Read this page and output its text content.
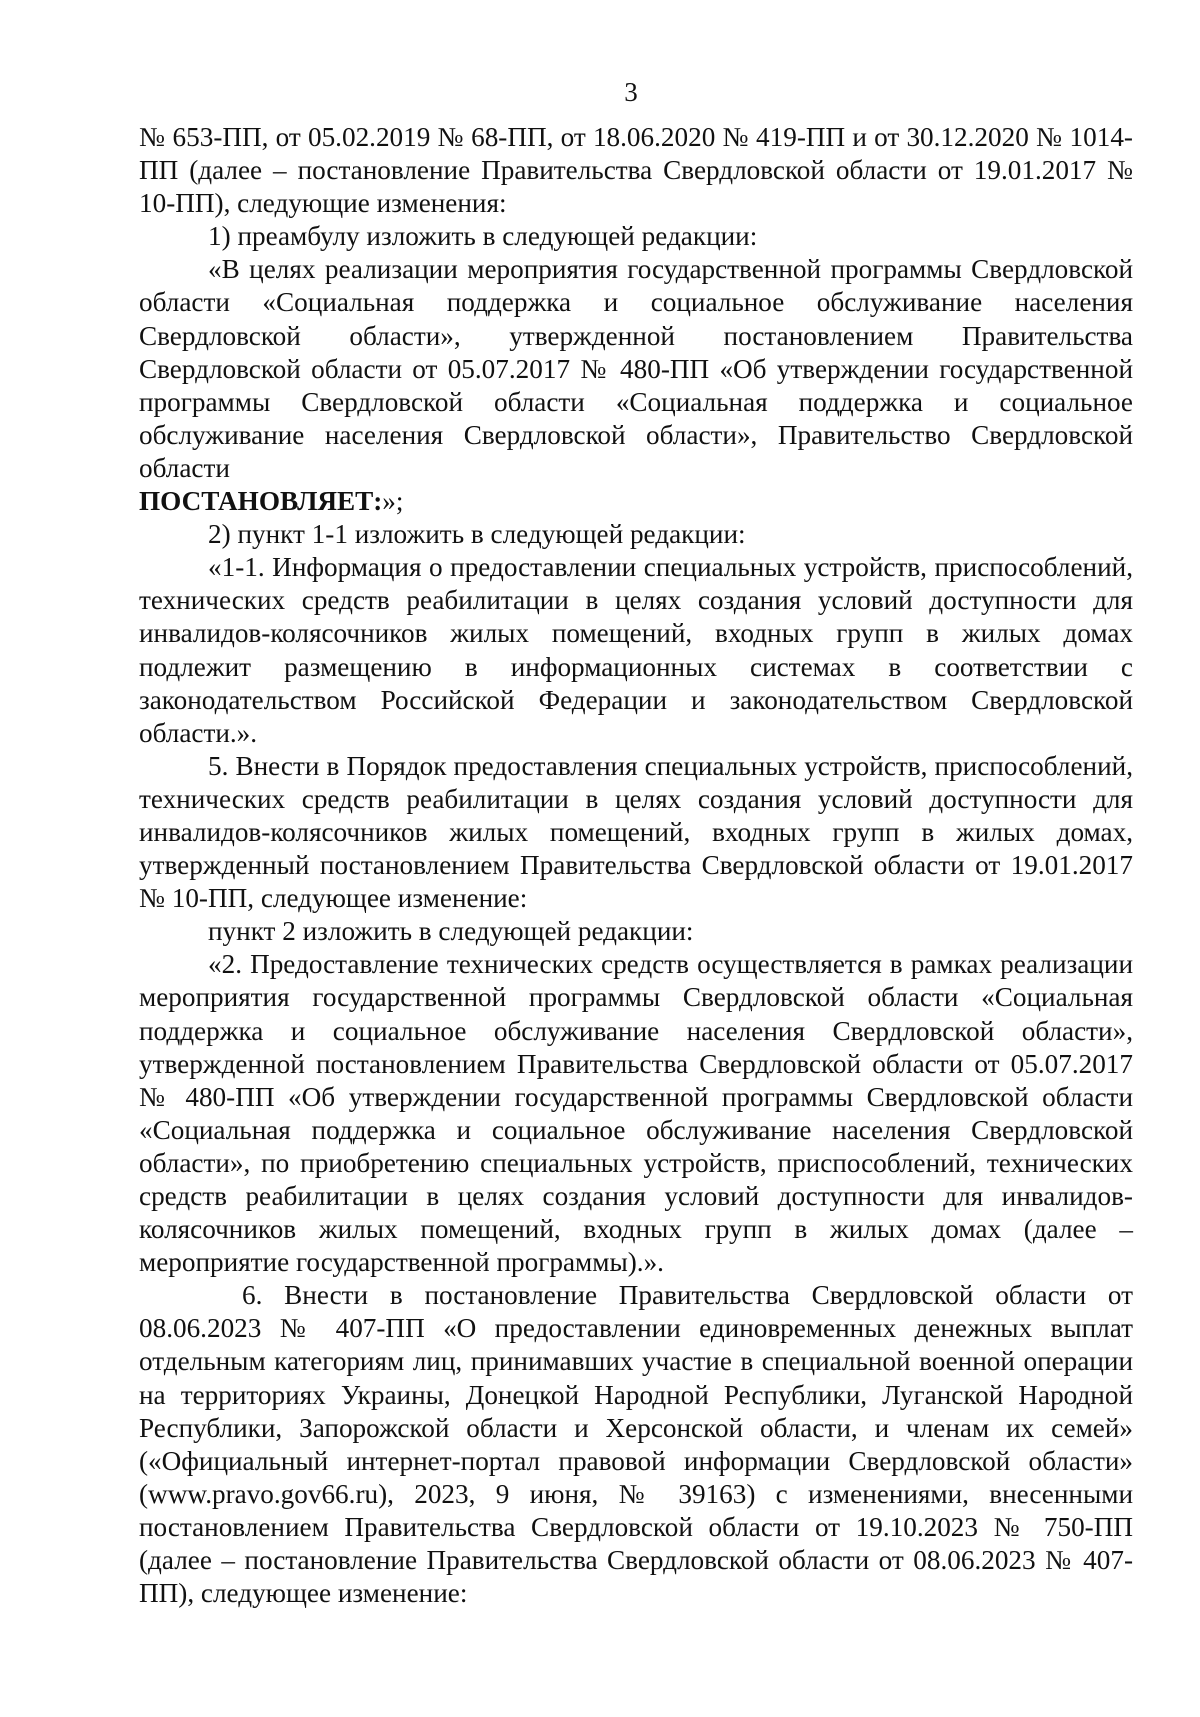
3

№ 653-ПП, от 05.02.2019 № 68-ПП, от 18.06.2020 № 419-ПП и от 30.12.2020 № 1014-ПП (далее – постановление Правительства Свердловской области от 19.01.2017 № 10-ПП), следующие изменения:

1) преамбулу изложить в следующей редакции:

«В целях реализации мероприятия государственной программы Свердловской области «Социальная поддержка и социальное обслуживание населения Свердловской области», утвержденной постановлением Правительства Свердловской области от 05.07.2017 № 480-ПП «Об утверждении государственной программы Свердловской области «Социальная поддержка и социальное обслуживание населения Свердловской области», Правительство Свердловской области

ПОСТАНОВЛЯЕТ:»;

2) пункт 1-1 изложить в следующей редакции:

«1-1. Информация о предоставлении специальных устройств, приспособлений, технических средств реабилитации в целях создания условий доступности для инвалидов-колясочников жилых помещений, входных групп в жилых домах подлежит размещению в информационных системах в соответствии с законодательством Российской Федерации и законодательством Свердловской области.».

5. Внести в Порядок предоставления специальных устройств, приспособлений, технических средств реабилитации в целях создания условий доступности для инвалидов-колясочников жилых помещений, входных групп в жилых домах, утвержденный постановлением Правительства Свердловской области от 19.01.2017 № 10-ПП, следующее изменение:

пункт 2 изложить в следующей редакции:

«2. Предоставление технических средств осуществляется в рамках реализации мероприятия государственной программы Свердловской области «Социальная поддержка и социальное обслуживание населения Свердловской области», утвержденной постановлением Правительства Свердловской области от 05.07.2017 № 480-ПП «Об утверждении государственной программы Свердловской области «Социальная поддержка и социальное обслуживание населения Свердловской области», по приобретению специальных устройств, приспособлений, технических средств реабилитации в целях создания условий доступности для инвалидов-колясочников жилых помещений, входных групп в жилых домах (далее – мероприятие государственной программы).».

6. Внести в постановление Правительства Свердловской области от 08.06.2023 № 407-ПП «О предоставлении единовременных денежных выплат отдельным категориям лиц, принимавших участие в специальной военной операции на территориях Украины, Донецкой Народной Республики, Луганской Народной Республики, Запорожской области и Херсонской области, и членам их семей» («Официальный интернет-портал правовой информации Свердловской области» (www.pravo.gov66.ru), 2023, 9 июня, № 39163) с изменениями, внесенными постановлением Правительства Свердловской области от 19.10.2023 № 750-ПП (далее – постановление Правительства Свердловской области от 08.06.2023 № 407-ПП), следующее изменение:
